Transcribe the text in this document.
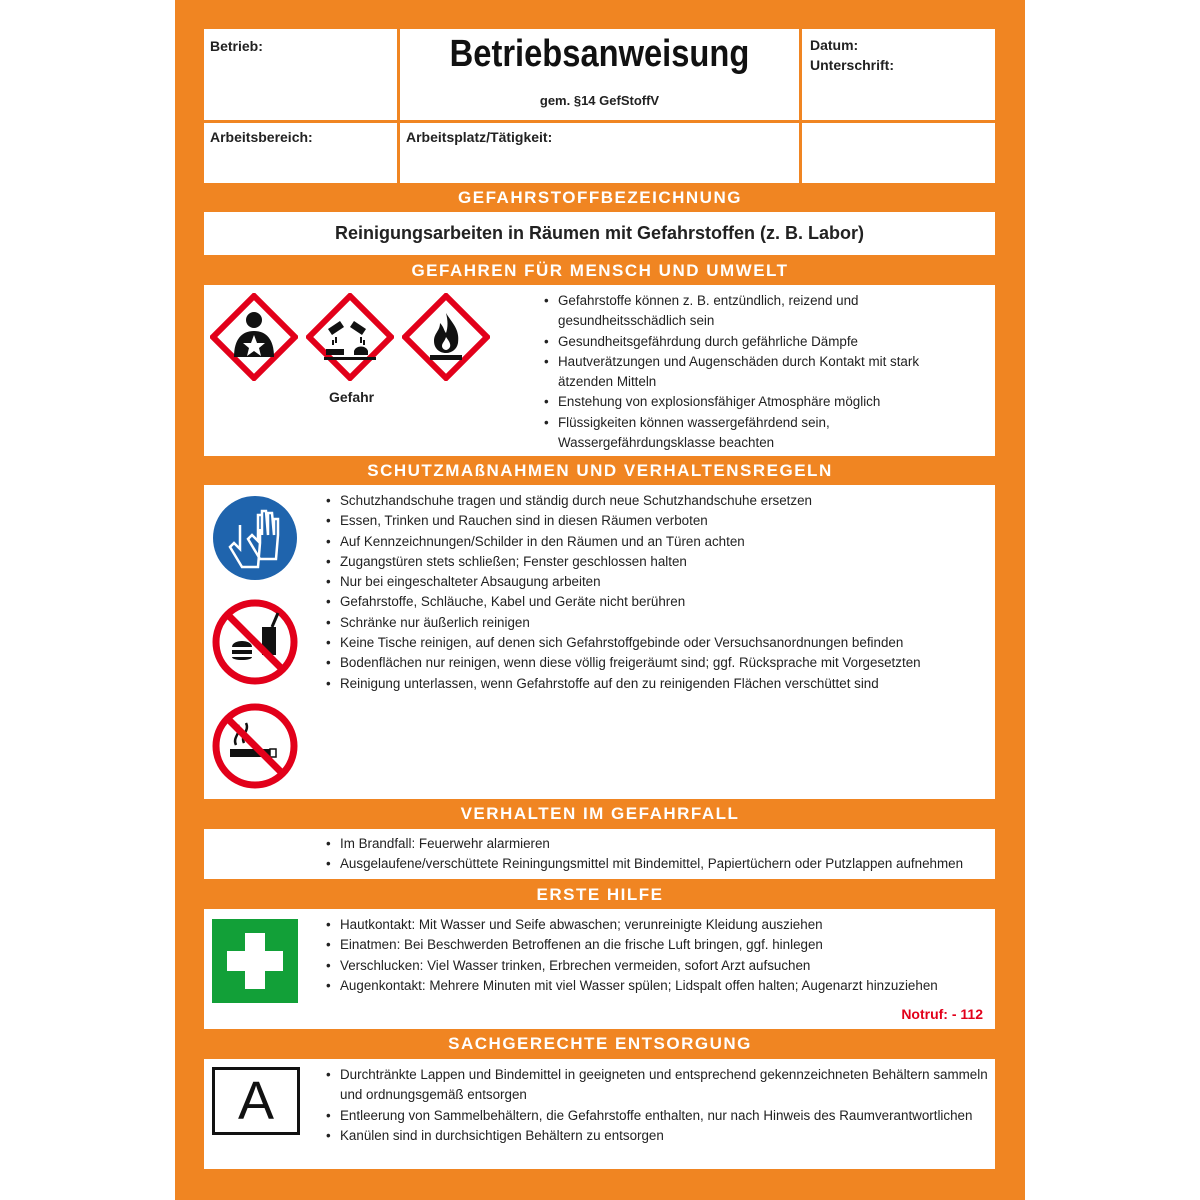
Betrieb:	Betriebsanweisung
gem. §14 GefStoffV
Datum:
Unterschrift:
Arbeitsbereich:	Arbeitsplatz/Tätigkeit:
GEFAHRSTOFFBEZEICHNUNG
Reinigungsarbeiten in Räumen mit Gefahrstoffen (z. B. Labor)
GEFAHREN FÜR MENSCH UND UMWELT
Gefahr
• Gefahrstoffe können z. B. entzündlich, reizend und gesundheitsschädlich sein
• Gesundheitsgefährdung durch gefährliche Dämpfe
• Hautverätzungen und Augenschäden durch Kontakt mit stark ätzenden Mitteln
• Enstehung von explosionsfähiger Atmosphäre möglich
• Flüssigkeiten können wassergefährdend sein, Wassergefährdungsklasse beachten
SCHUTZMAßNAHMEN UND VERHALTENSREGELN
• Schutzhandschuhe tragen und ständig durch neue Schutzhandschuhe ersetzen
• Essen, Trinken und Rauchen sind in diesen Räumen verboten
• Auf Kennzeichnungen/Schilder in den Räumen und an Türen achten
• Zugangstüren stets schließen; Fenster geschlossen halten
• Nur bei eingeschalteter Absaugung arbeiten
• Gefahrstoffe, Schläuche, Kabel und Geräte nicht berühren
• Schränke nur äußerlich reinigen
• Keine Tische reinigen, auf denen sich Gefahrstoffgebinde oder Versuchsanordnungen befinden
• Bodenflächen nur reinigen, wenn diese völlig freigeräumt sind; ggf. Rücksprache mit Vorgesetzten
• Reinigung unterlassen, wenn Gefahrstoffe auf den zu reinigenden Flächen verschüttet sind
VERHALTEN IM GEFAHRFALL
• Im Brandfall: Feuerwehr alarmieren
• Ausgelaufene/verschüttete Reiningungsmittel mit Bindemittel, Papiertüchern oder Putzlappen aufnehmen
ERSTE HILFE
• Hautkontakt: Mit Wasser und Seife abwaschen; verunreinigte Kleidung ausziehen
• Einatmen: Bei Beschwerden Betroffenen an die frische Luft bringen, ggf. hinlegen
• Verschlucken: Viel Wasser trinken, Erbrechen vermeiden, sofort Arzt aufsuchen
• Augenkontakt: Mehrere Minuten mit viel Wasser spülen; Lidspalt offen halten; Augenarzt hinzuziehen
Notruf: - 112
SACHGERECHTE ENTSORGUNG
A
•	Durchtränkte Lappen und Bindemittel in geeigneten und entsprechend gekennzeichneten Behältern sammeln und ordnungsgemäß entsorgen
• Entleerung von Sammelbehältern, die Gefahrstoffe enthalten, nur nach Hinweis des Raumverantwortlichen
• Kanülen sind in durchsichtigen Behältern zu entsorgen
